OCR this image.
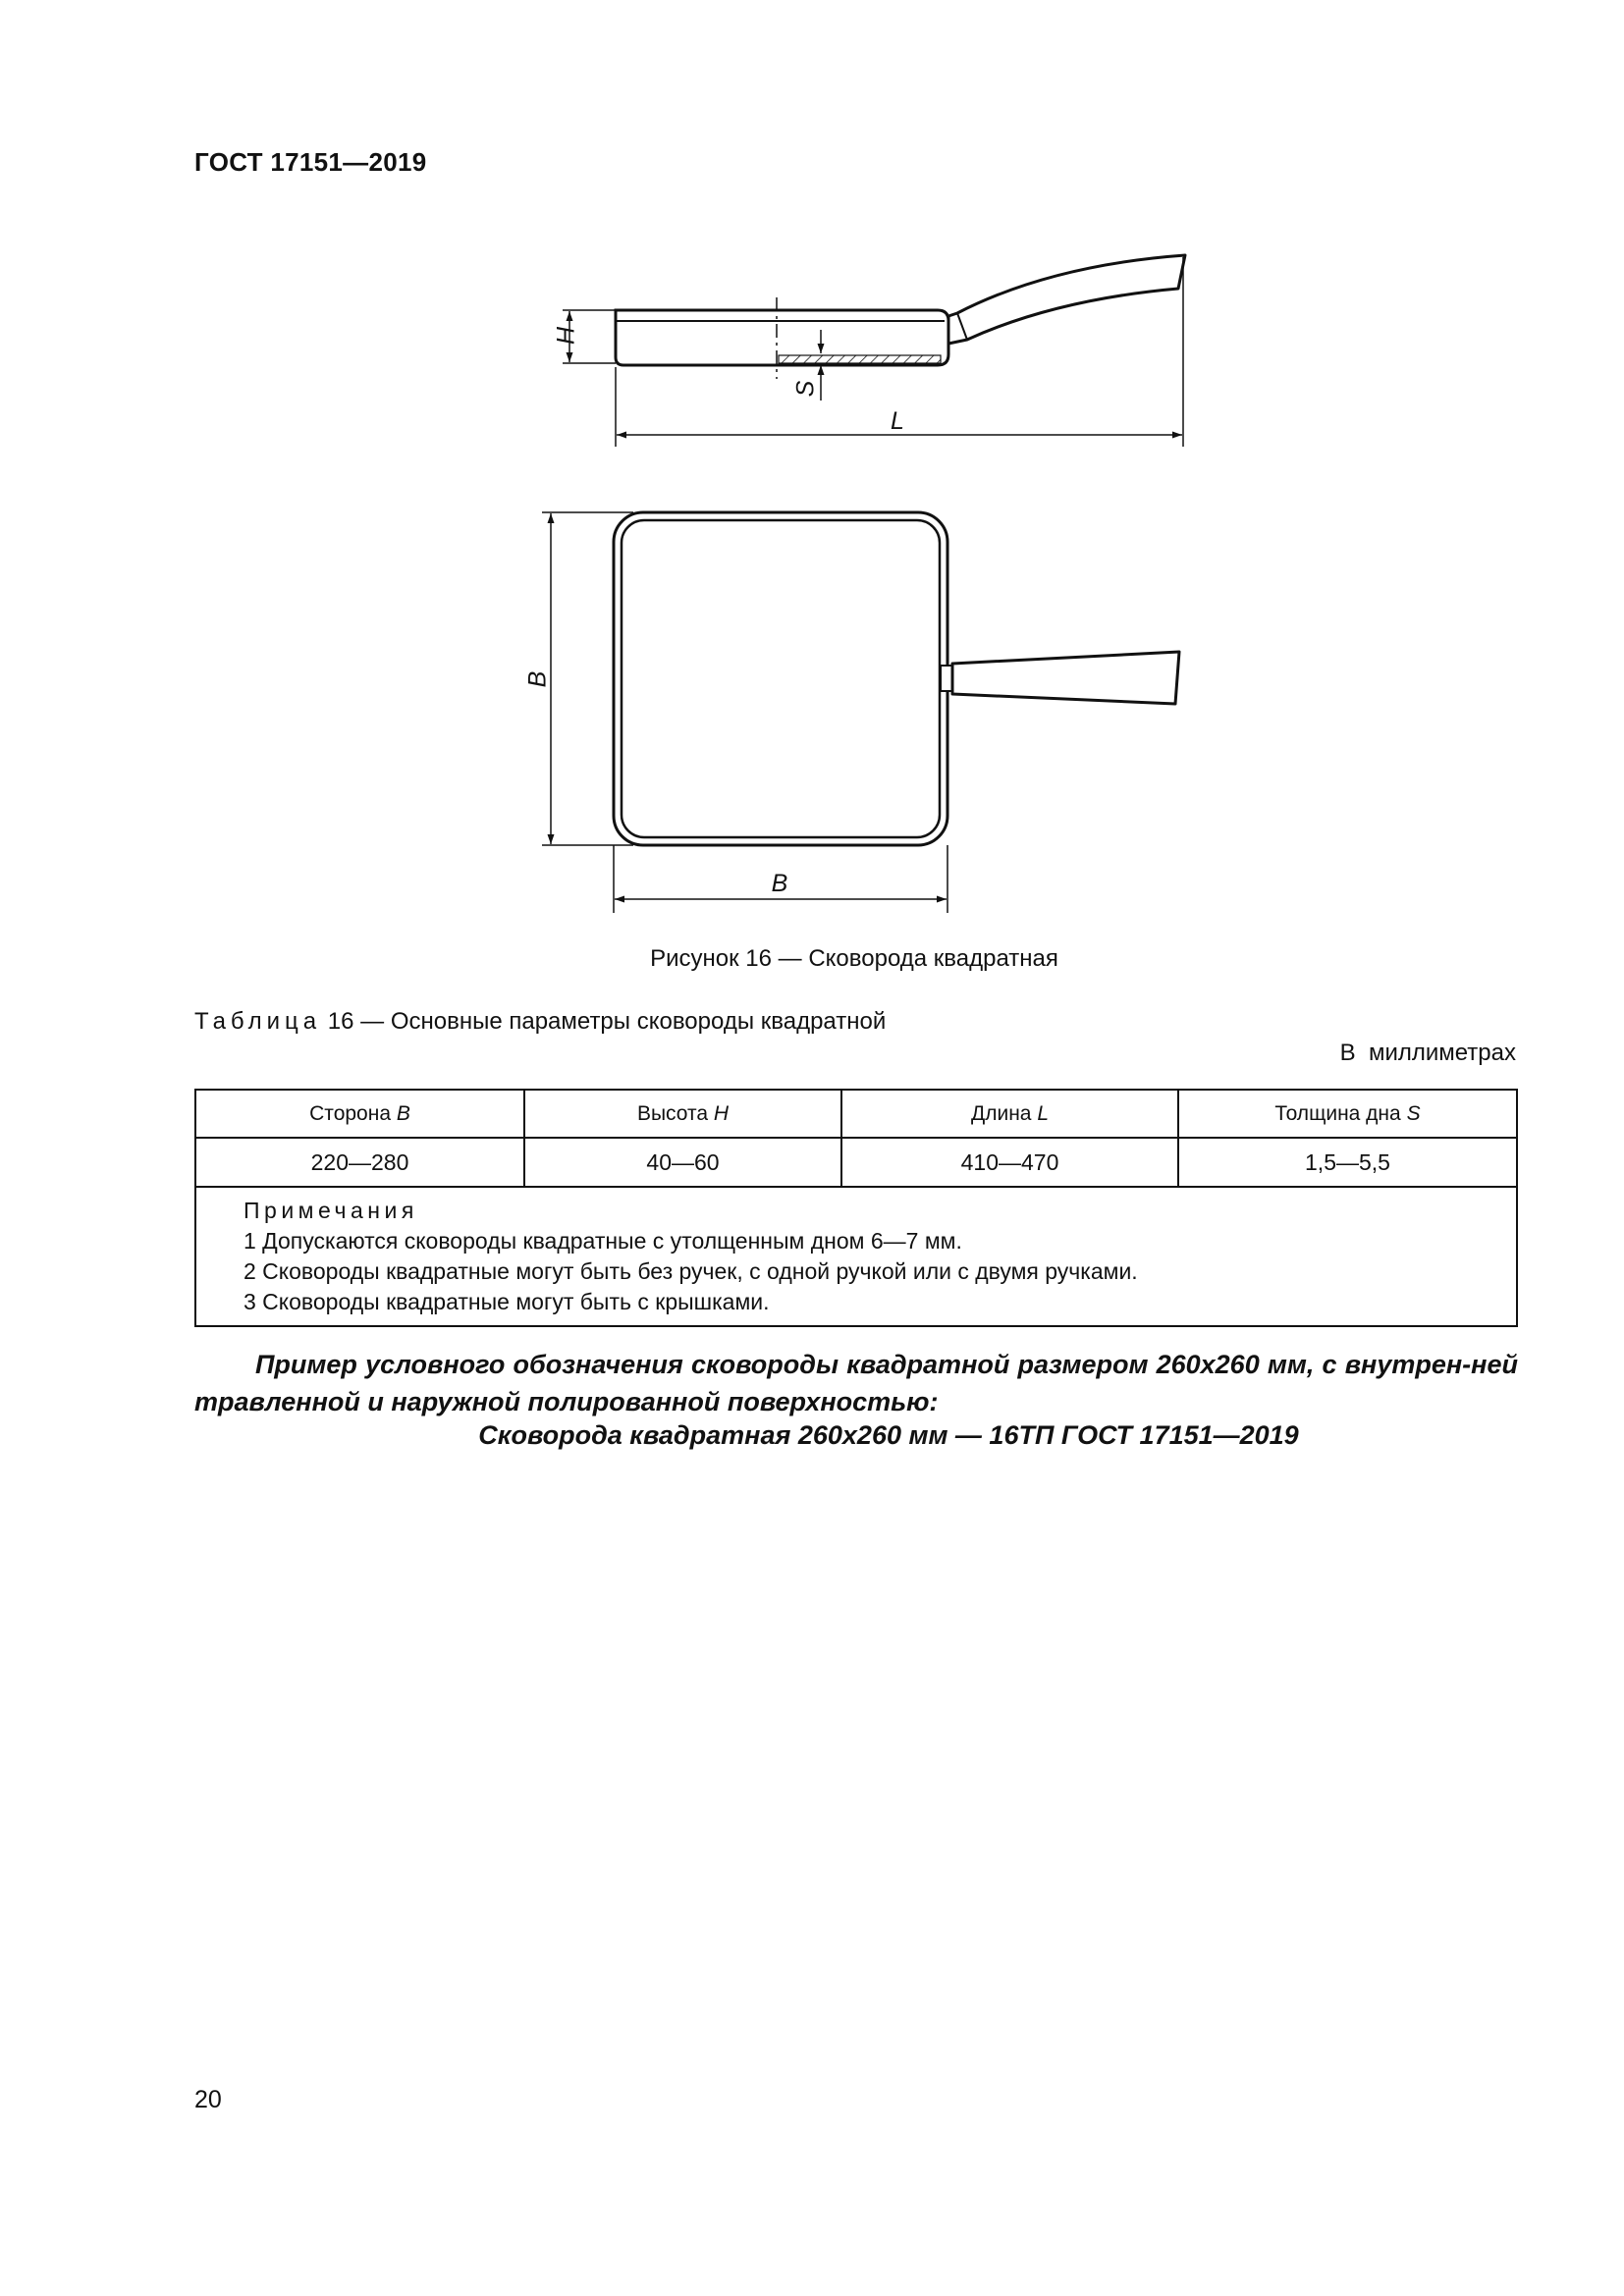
ГОСТ 17151—2019
H
S
L
B
B
Рисунок 16 — Сковорода квадратная
Таблица 16 — Основные параметры сковороды квадратной
В  миллиметрах
Сторона B	Высота H	Длина L	Толщина дна S
220—280	40—60	410—470	1,5—5,5

Примечания
1 Допускаются сковороды квадратные с утолщенным дном 6—7 мм.
2 Сковороды квадратные могут быть без ручек, с одной ручкой или с двумя ручками.
3 Сковороды квадратные могут быть с крышками.			
Пример условного обозначения сковороды квадратной размером 260х260 мм, с внутрен-ней травленной и наружной полированной поверхностью:
Сковорода квадратная 260х260 мм — 16ТП ГОСТ 17151—2019
20
